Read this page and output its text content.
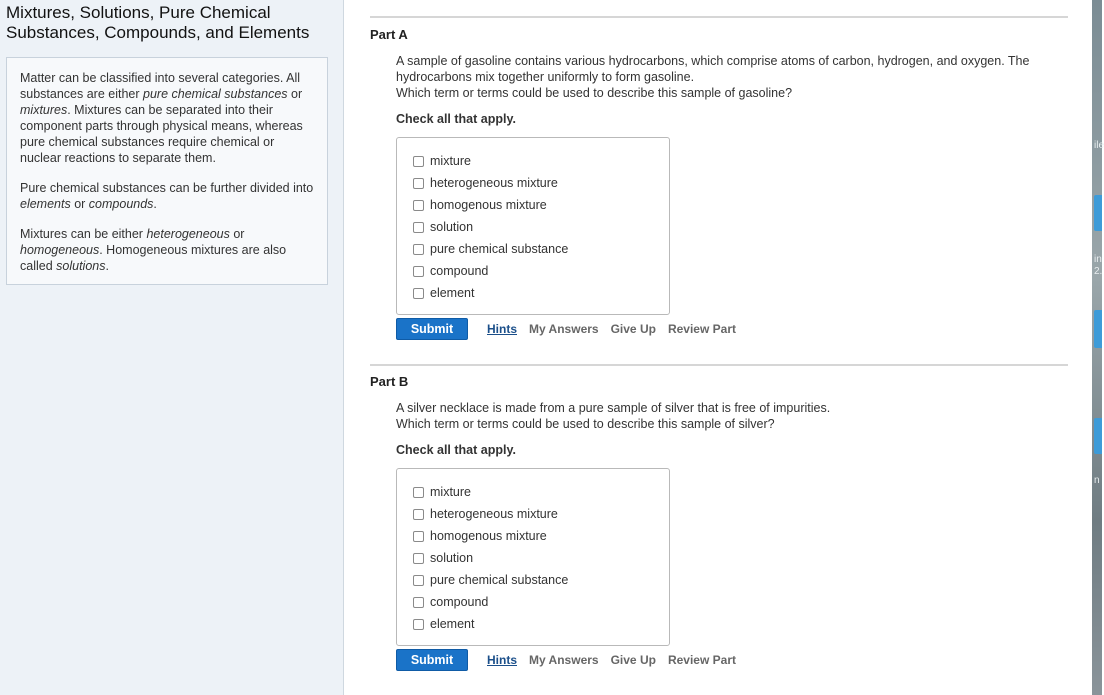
Mixtures, Solutions, Pure Chemical
Substances, Compounds, and Elements

Matter can be classified into several categories. All substances are either pure chemical substances or mixtures. Mixtures can be separated into their component parts through physical means, whereas pure chemical substances require chemical or nuclear reactions to separate them.

Pure chemical substances can be further divided into elements or compounds.

Mixtures can be either heterogeneous or homogeneous. Homogeneous mixtures are also called solutions.

Part A
A sample of gasoline contains various hydrocarbons, which comprise atoms of carbon, hydrogen, and oxygen. The hydrocarbons mix together uniformly to form gasoline.
Which term or terms could be used to describe this sample of gasoline?
Check all that apply.
mixture
heterogeneous mixture
homogenous mixture
solution
pure chemical substance
compound
element
Submit	Hints My Answers Give Up Review Part
Part B
A silver necklace is made from a pure sample of silver that is free of impurities.
Which term or terms could be used to describe this sample of silver?
Check all that apply.
mixture
heterogeneous mixture
homogenous mixture
solution
pure chemical substance
compound
element
Submit	Hints My Answers Give Up Review Part
ile
in
2.
n
